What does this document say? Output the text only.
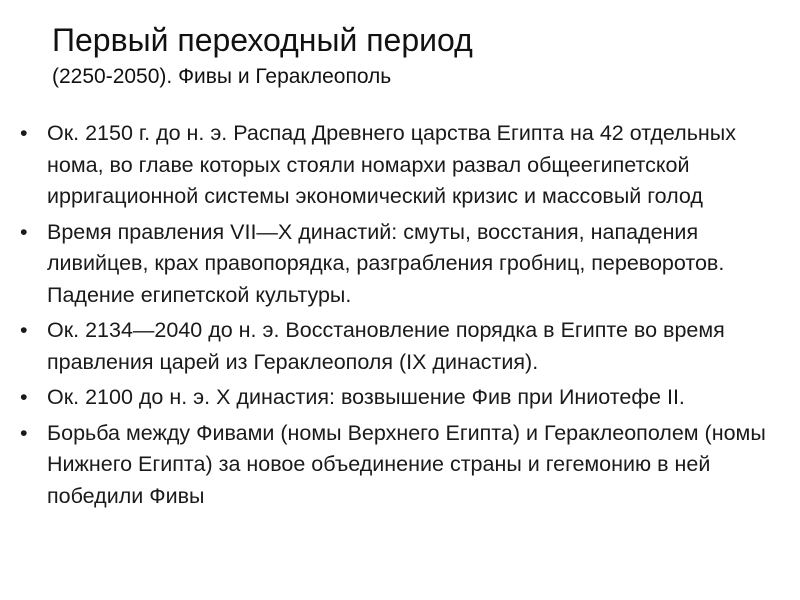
Первый переходный период
(2250-2050). Фивы и Гераклеополь
• Ок. 2150 г. до н. э. Распад Древнего царства Египта на 42 отдельных нома, во главе которых стояли номархи развал общеегипетской ирригационной системы экономический кризис и массовый голод
• Время правления VII—X династий: смуты, восстания, нападения ливийцев, крах правопорядка, разграбления гробниц, переворотов. Падение египетской культуры.
• Ок. 2134—2040 до н. э. Восстановление порядка в Египте во время правления царей из Гераклеополя (IX династия).
• Ок. 2100 до н. э. X династия: возвышение Фив при Иниотефе II.
• Борьба между Фивами (номы Верхнего Египта) и Гераклеополем (номы Нижнего Египта) за новое объединение страны и гегемонию в ней победили Фивы
